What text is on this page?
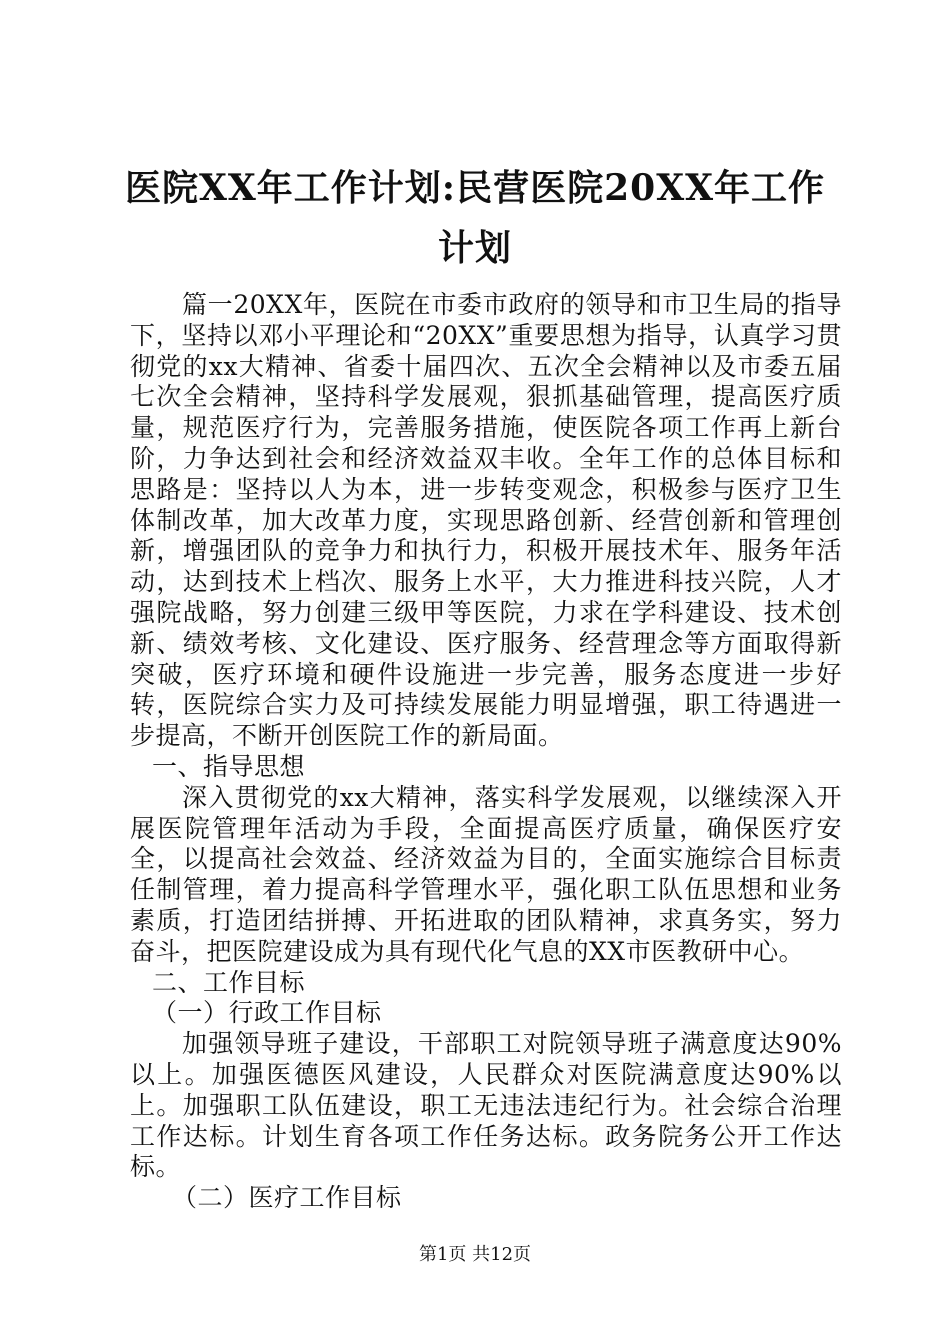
医院XX年工作计划:民营医院20XX年工作计划

篇一20XX年，医院在市委市政府的领导和市卫生局的指导下，坚持以邓小平理论和“20XX”重要思想为指导，认真学习贯彻党的xx大精神、省委十届四次、五次全会精神以及市委五届七次全会精神，坚持科学发展观，狠抓基础管理，提高医疗质量，规范医疗行为，完善服务措施，使医院各项工作再上新台阶，力争达到社会和经济效益双丰收。全年工作的总体目标和思路是：坚持以人为本，进一步转变观念，积极参与医疗卫生体制改革，加大改革力度，实现思路创新、经营创新和管理创新，增强团队的竞争力和执行力，积极开展技术年、服务年活动，达到技术上档次、服务上水平，大力推进科技兴院，人才强院战略，努力创建三级甲等医院，力求在学科建设、技术创新、绩效考核、文化建设、医疗服务、经营理念等方面取得新突破，医疗环境和硬件设施进一步完善，服务态度进一步好转，医院综合实力及可持续发展能力明显增强，职工待遇进一步提高，不断开创医院工作的新局面。

一、指导思想

深入贯彻党的xx大精神，落实科学发展观，以继续深入开展医院管理年活动为手段，全面提高医疗质量，确保医疗安全，以提高社会效益、经济效益为目的，全面实施综合目标责任制管理，着力提高科学管理水平，强化职工队伍思想和业务素质，打造团结拼搏、开拓进取的团队精神，求真务实，努力奋斗，把医院建设成为具有现代化气息的XX市医教研中心。

二、工作目标

（一）行政工作目标

加强领导班子建设，干部职工对院领导班子满意度达90%以上。加强医德医风建设，人民群众对医院满意度达90%以上。加强职工队伍建设，职工无违法违纪行为。社会综合治理工作达标。计划生育各项工作任务达标。政务院务公开工作达标。

（二）医疗工作目标

第1页 共12页
